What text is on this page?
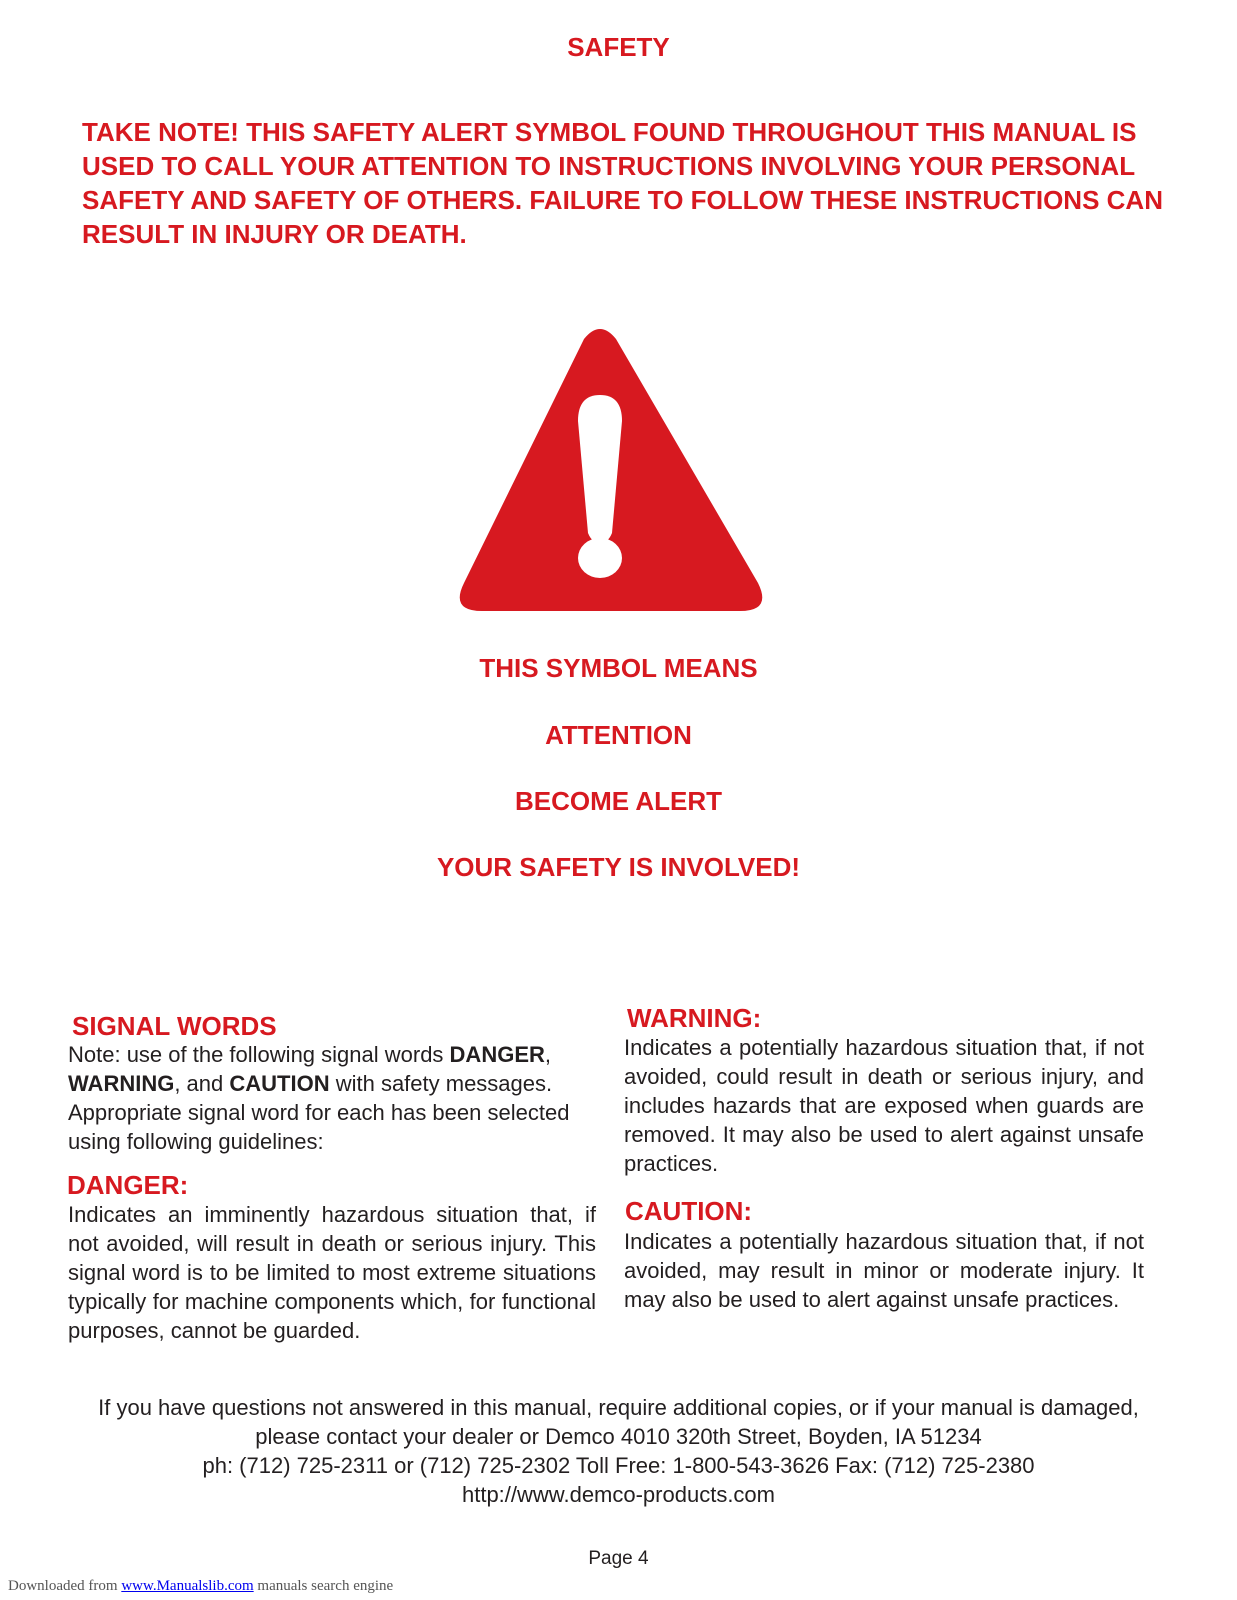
SAFETY
TAKE NOTE! THIS SAFETY ALERT SYMBOL FOUND THROUGHOUT THIS MANUAL IS USED TO CALL YOUR ATTENTION TO INSTRUCTIONS INVOLVING YOUR PERSONAL SAFETY AND SAFETY OF OTHERS. FAILURE TO FOLLOW THESE INSTRUCTIONS CAN RESULT IN INJURY OR DEATH.
THIS SYMBOL MEANS
ATTENTION
BECOME ALERT
YOUR SAFETY IS INVOLVED!
SIGNAL WORDS
Note: use of the following signal words DANGER, WARNING, and CAUTION with safety messages. Appropriate signal word for each has been selected using following guidelines:
DANGER:
Indicates an imminently hazardous situation that, if not avoided, will result in death or serious injury. This signal word is to be limited to most extreme situations typically for machine components which, for functional purposes, cannot be guarded.
WARNING:
Indicates a potentially hazardous situation that, if not avoided, could result in death or serious injury, and includes hazards that are exposed when guards are removed. It may also be used to alert against unsafe practices.
CAUTION:
Indicates a potentially hazardous situation that, if not avoided, may result in minor or moderate injury. It may also be used to alert against unsafe practices.
If you have questions not answered in this manual, require additional copies, or if your manual is damaged,
please contact your dealer or Demco 4010 320th Street, Boyden, IA 51234
ph: (712) 725-2311 or (712) 725-2302 Toll Free: 1-800-543-3626 Fax: (712) 725-2380
http://www.demco-products.com
Page 4
Downloaded from www.Manualslib.com manuals search engine
